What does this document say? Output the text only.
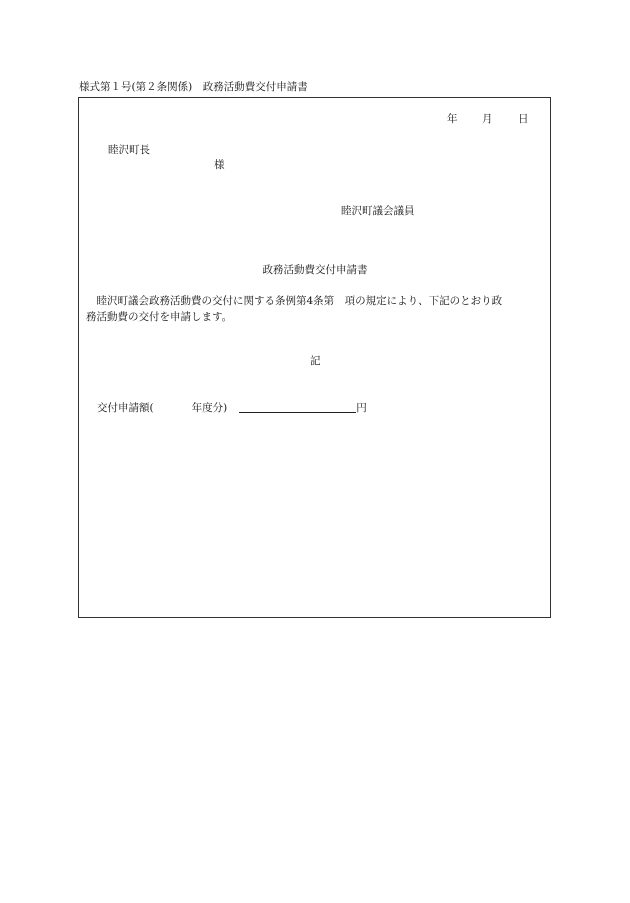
様式第１号(第２条関係)　政務活動費交付申請書
年 月 日
睦沢町長
様
睦沢町議会議員
政務活動費交付申請書
睦沢町議会政務活動費の交付に関する条例第4条第　項の規定により、下記のとおり政
務活動費の交付を申請します。
記
交付申請額(	年度分)	円
